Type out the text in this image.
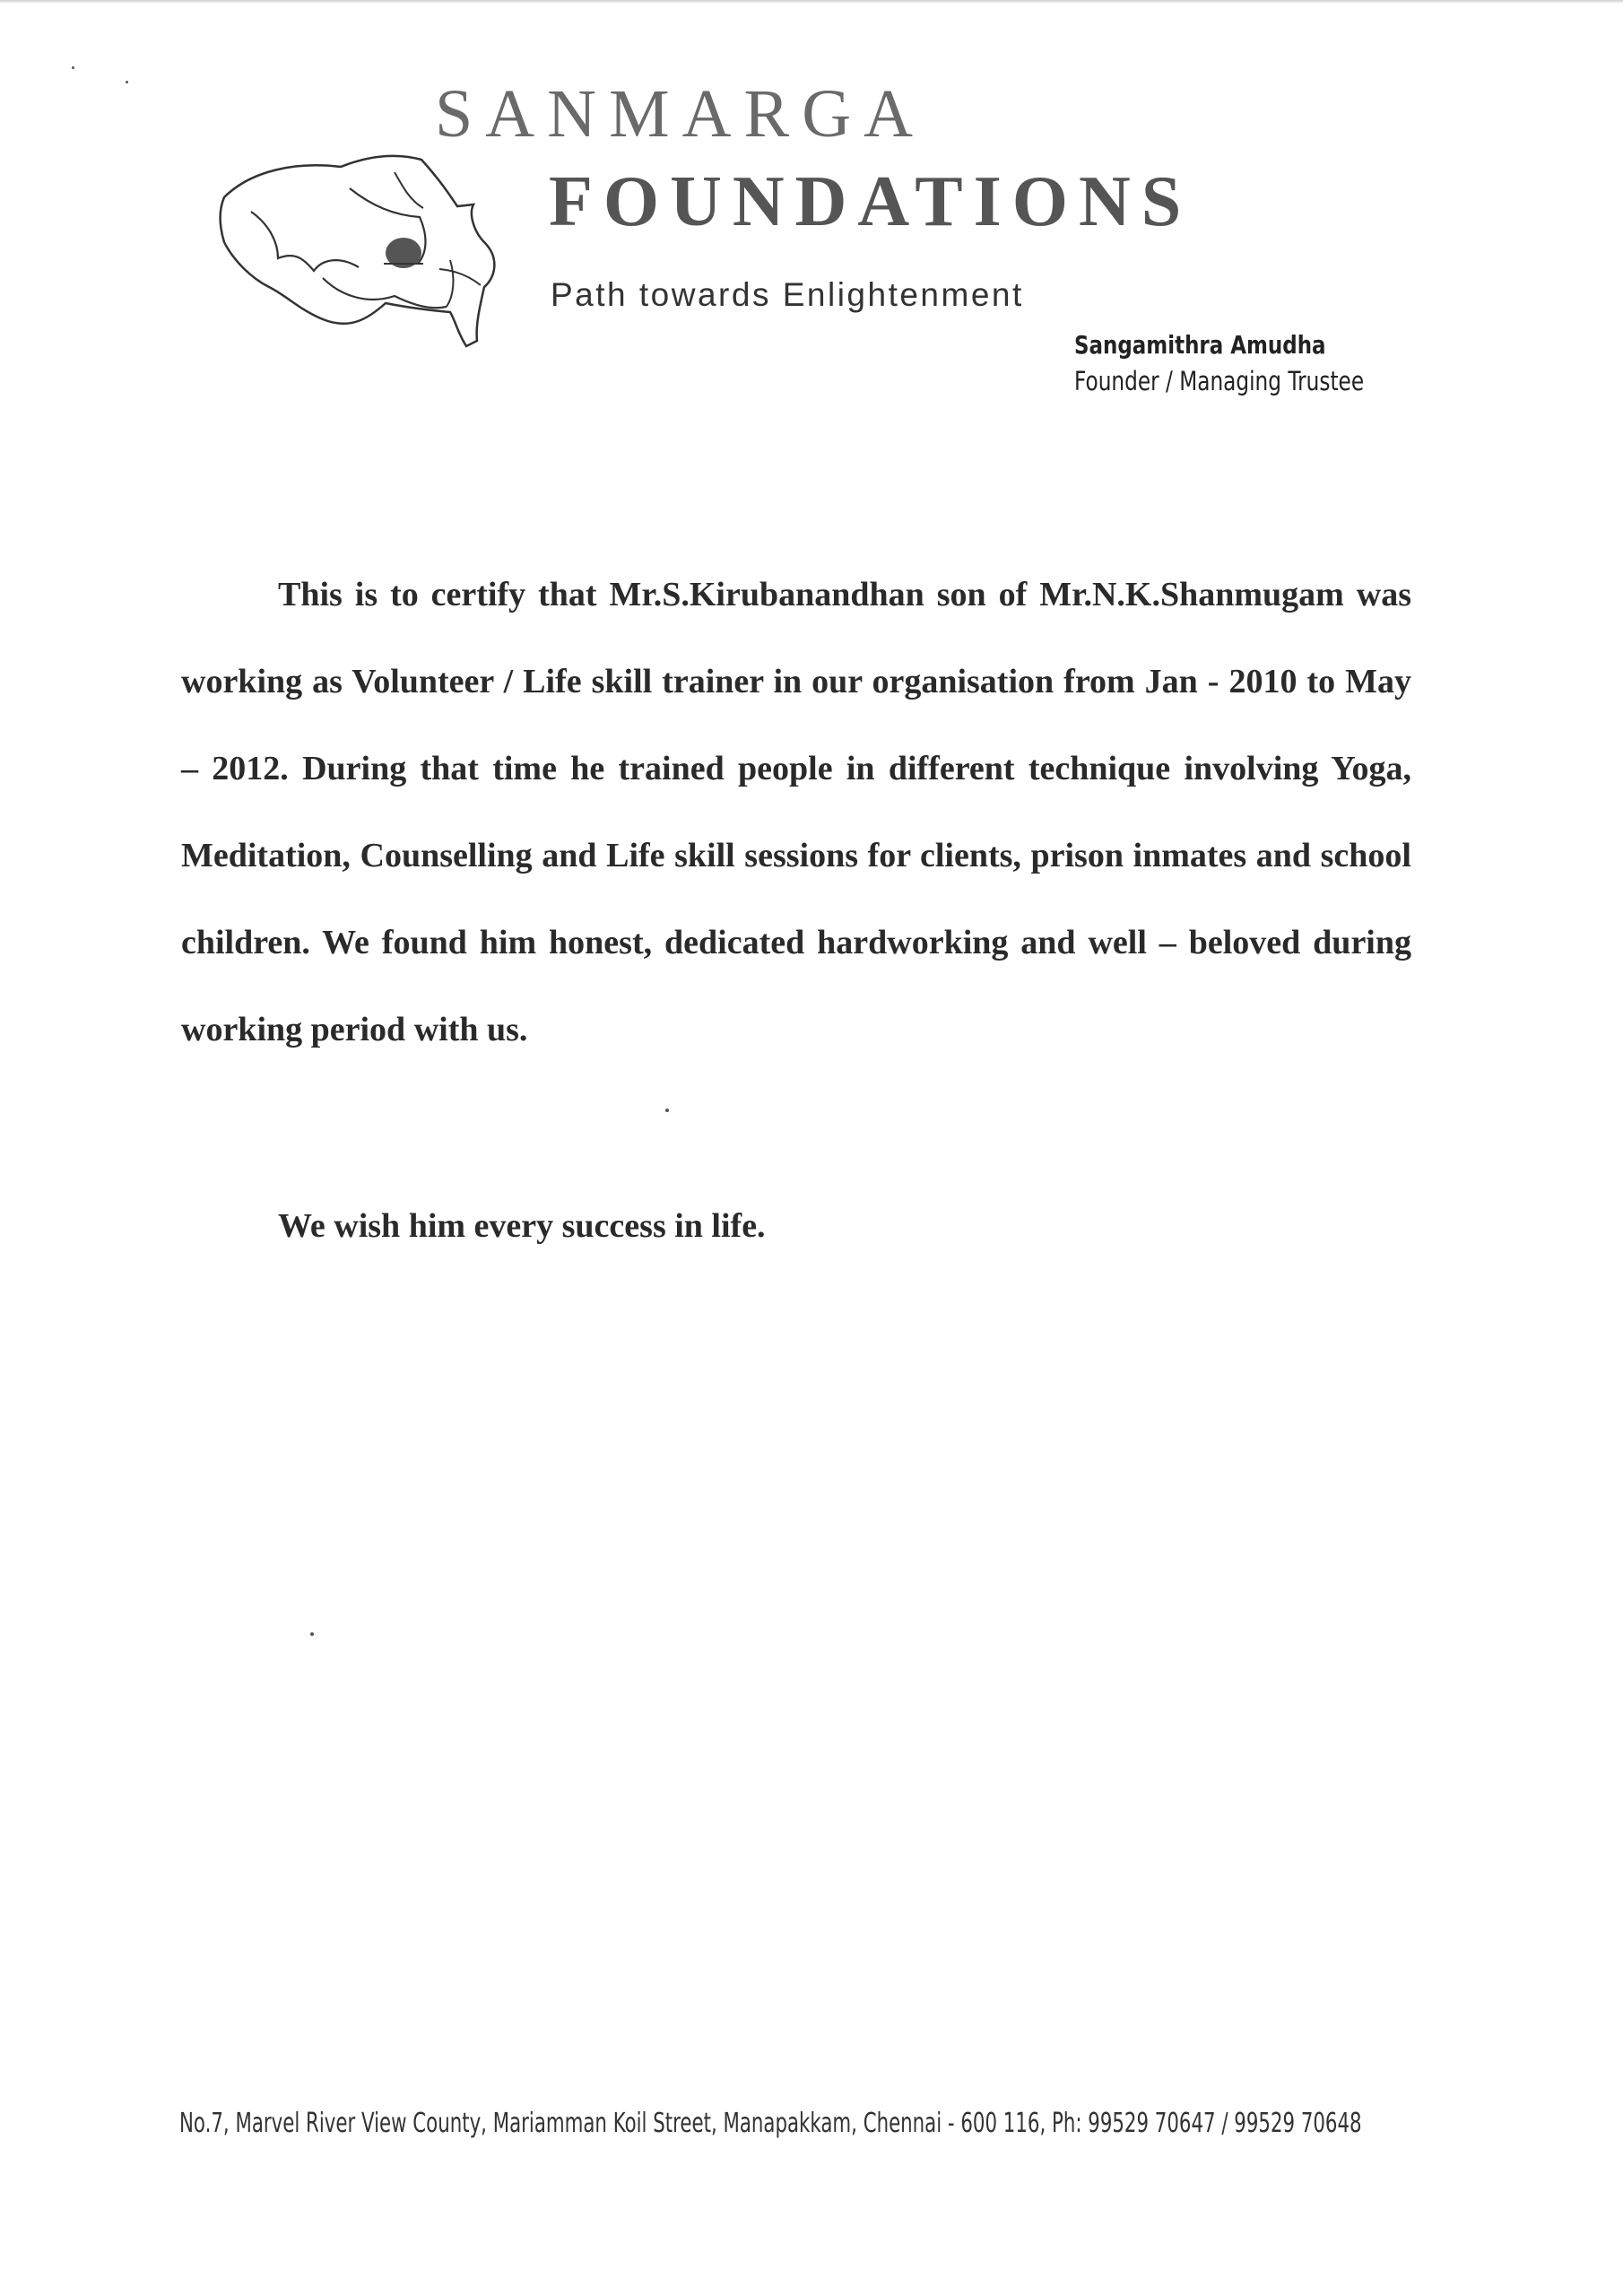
SANMARGA
FOUNDATIONS
Path towards Enlightenment
Sangamithra Amudha
Founder / Managing Trustee

This is to certify that Mr.S.Kirubanandhan son of Mr.N.K.Shanmugam was working as Volunteer / Life skill trainer in our organisation from Jan - 2010 to May – 2012. During that time he trained people in different technique involving Yoga, Meditation, Counselling and Life skill sessions for clients, prison inmates and school children. We found him honest, dedicated hardworking and well – beloved during working period with us.

We wish him every success in life.
No.7, Marvel River View County, Mariamman Koil Street, Manapakkam, Chennai - 600 116, Ph: 99529 70647 / 99529 70648
